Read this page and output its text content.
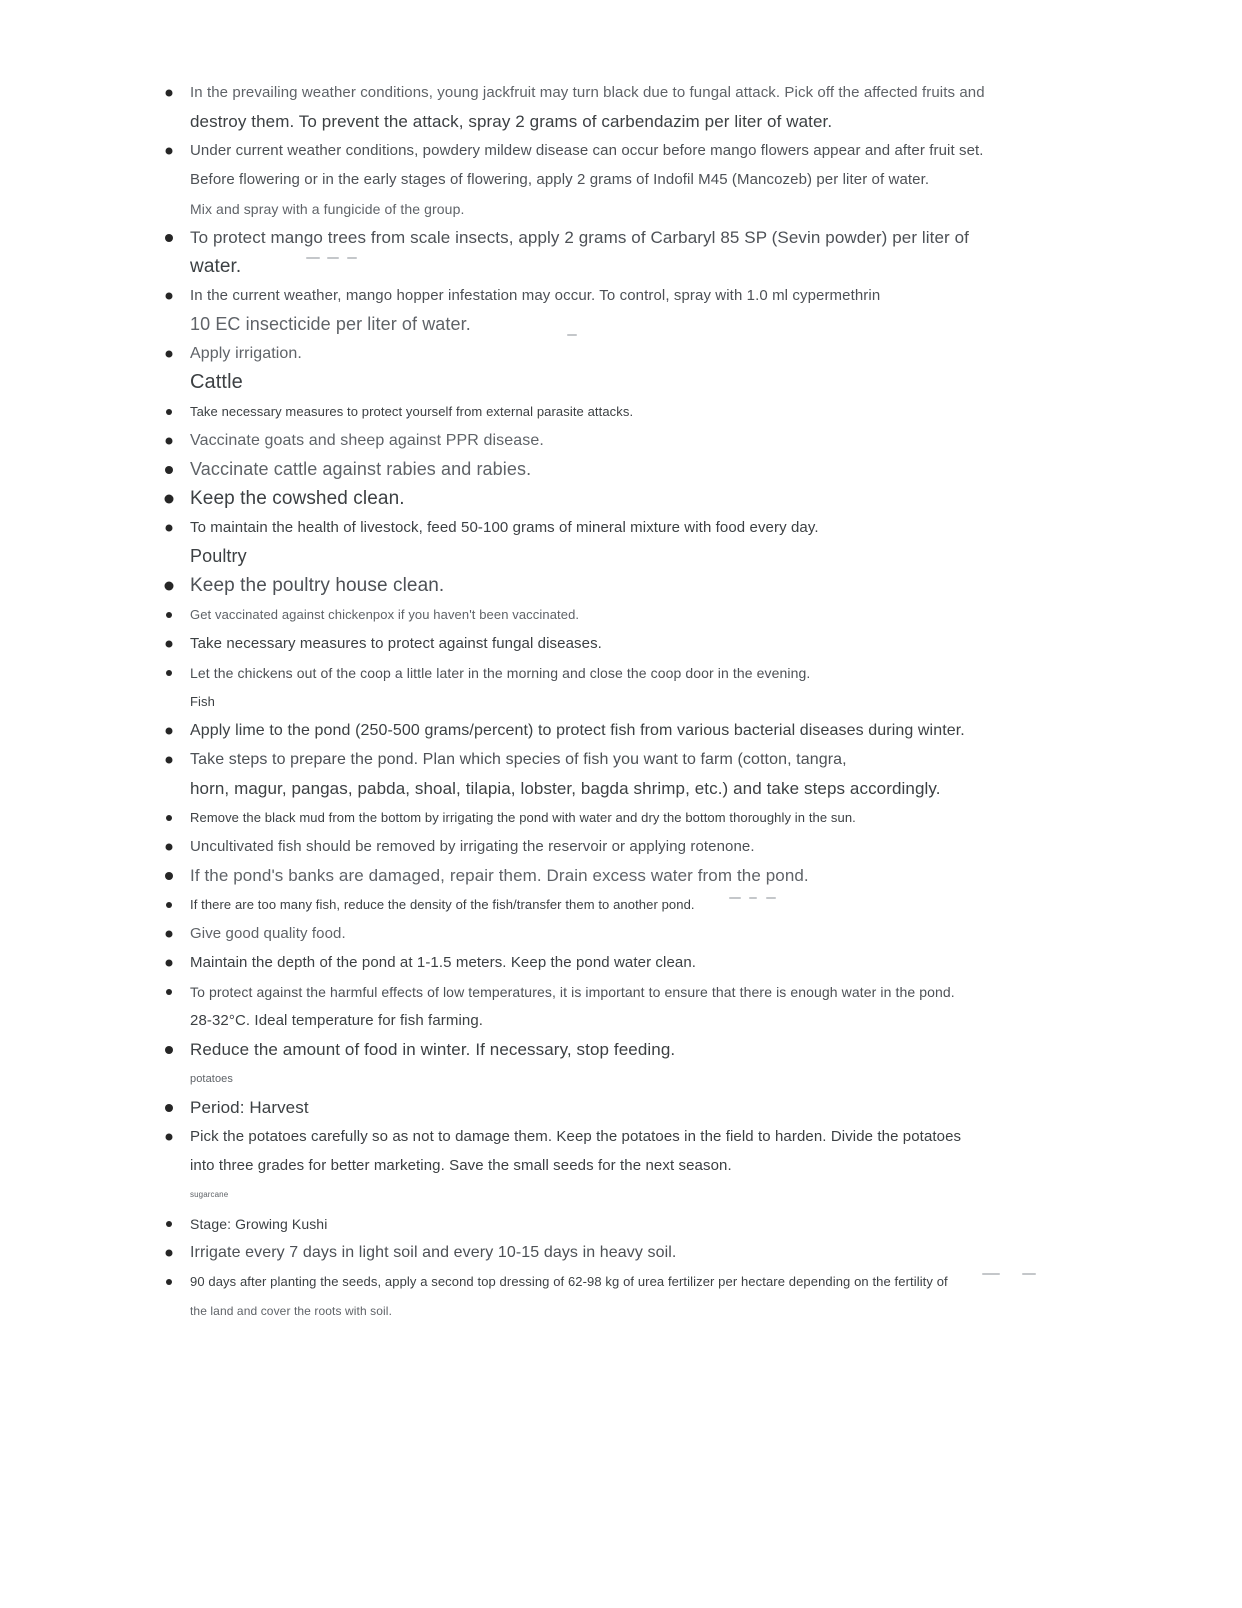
In the prevailing weather conditions, young jackfruit may turn black due to fungal attack. Pick off the affected fruits and
destroy them. To prevent the attack, spray 2 grams of carbendazim per liter of water.
Under current weather conditions, powdery mildew disease can occur before mango flowers appear and after fruit set.
Before flowering or in the early stages of flowering, apply 2 grams of Indofil M45 (Mancozeb) per liter of water.
Mix and spray with a fungicide of the group.
To protect mango trees from scale insects, apply 2 grams of Carbaryl 85 SP (Sevin powder) per liter of
water.
In the current weather, mango hopper infestation may occur. To control, spray with 1.0 ml cypermethrin
10 EC insecticide per liter of water.
Apply irrigation.
Cattle
Take necessary measures to protect yourself from external parasite attacks.
Vaccinate goats and sheep against PPR disease.
Vaccinate cattle against rabies and rabies.
Keep the cowshed clean.
To maintain the health of livestock, feed 50-100 grams of mineral mixture with food every day.
Poultry
Keep the poultry house clean.
Get vaccinated against chickenpox if you haven't been vaccinated.
Take necessary measures to protect against fungal diseases.
Let the chickens out of the coop a little later in the morning and close the coop door in the evening.
Fish
Apply lime to the pond (250-500 grams/percent) to protect fish from various bacterial diseases during winter.
Take steps to prepare the pond. Plan which species of fish you want to farm (cotton, tangra,
horn, magur, pangas, pabda, shoal, tilapia, lobster, bagda shrimp, etc.) and take steps accordingly.
Remove the black mud from the bottom by irrigating the pond with water and dry the bottom thoroughly in the sun.
Uncultivated fish should be removed by irrigating the reservoir or applying rotenone.
If the pond's banks are damaged, repair them. Drain excess water from the pond.
If there are too many fish, reduce the density of the fish/transfer them to another pond.
Give good quality food.
Maintain the depth of the pond at 1-1.5 meters. Keep the pond water clean.
To protect against the harmful effects of low temperatures, it is important to ensure that there is enough water in the pond.
28-32°C. Ideal temperature for fish farming.
Reduce the amount of food in winter. If necessary, stop feeding.
potatoes
Period: Harvest
Pick the potatoes carefully so as not to damage them. Keep the potatoes in the field to harden. Divide the potatoes
into three grades for better marketing. Save the small seeds for the next season.
sugarcane
Stage: Growing Kushi
Irrigate every 7 days in light soil and every 10-15 days in heavy soil.
90 days after planting the seeds, apply a second top dressing of 62-98 kg of urea fertilizer per hectare depending on the fertility of
the land and cover the roots with soil.
